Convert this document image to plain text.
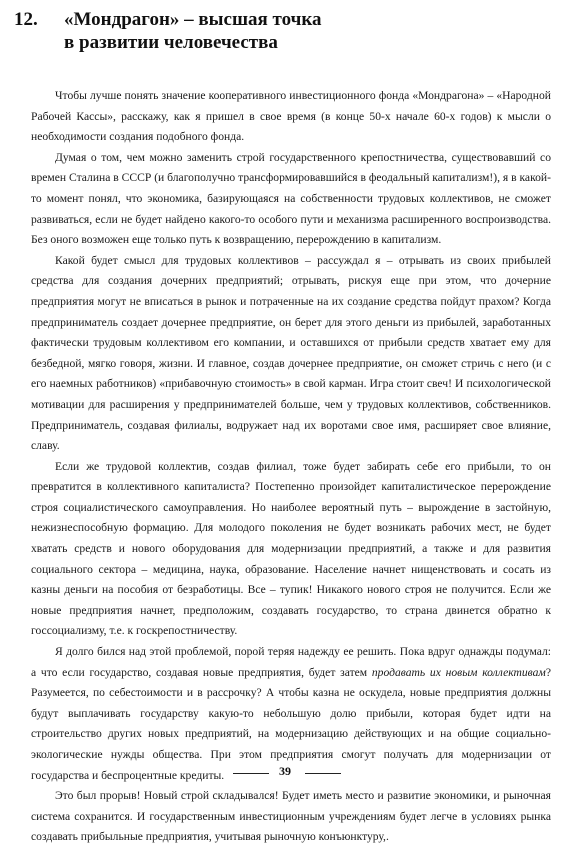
12. «Мондрагон» – высшая точка
в развитии человечества

Чтобы лучше понять значение кооперативного инвестиционного фонда «Мондрагона» – «Народной Рабочей Кассы», расскажу, как я пришел в свое время (в конце 50-х начале 60-х годов) к мысли о необходимости создания подобного фонда.

Думая о том, чем можно заменить строй государственного крепостничества, существовавший со времен Сталина в СССР (и благополучно трансформировавшийся в феодальный капитализм!), я в какой-то момент понял, что экономика, базирующаяся на собственности трудовых коллективов, не сможет развиваться, если не будет найдено какого-то особого пути и механизма расширенного воспроизводства. Без оного возможен еще только путь к возвращению, перерождению в капитализм.

Какой будет смысл для трудовых коллективов – рассуждал я – отрывать из своих прибылей средства для создания дочерних предприятий; отрывать, рискуя еще при этом, что дочерние предприятия могут не вписаться в рынок и потраченные на их создание средства пойдут прахом? Когда предприниматель создает дочернее предприятие, он берет для этого деньги из прибылей, заработанных фактически трудовым коллективом его компании, и оставшихся от прибыли средств хватает ему для безбедной, мягко говоря, жизни. И главное, создав дочернее предприятие, он сможет стричь с него (и с его наемных работников) «прибавочную стоимость» в свой карман. Игра стоит свеч! И психологической мотивации для расширения у предпринимателей больше, чем у трудовых коллективов, собственников. Предприниматель, создавая филиалы, водружает над их воротами свое имя, расширяет свое влияние, славу.

Если же трудовой коллектив, создав филиал, тоже будет забирать себе его прибыли, то он превратится в коллективного капиталиста? Постепенно произойдет капиталистическое перерождение строя социалистического самоуправления. Но наиболее вероятный путь – вырождение в застойную, нежизнеспособную формацию. Для молодого поколения не будет возникать рабочих мест, не будет хватать средств и нового оборудования для модернизации предприятий, а также и для развития социального сектора – медицина, наука, образование. Население начнет нищенствовать и сосать из казны деньги на пособия от безработицы. Все – тупик! Никакого нового строя не получится. Если же новые предприятия начнет, предположим, создавать государство, то страна двинется обратно к госсоциализму, т.е. к госкрепостничеству.

Я долго бился над этой проблемой, порой теряя надежду ее решить. Пока вдруг однажды подумал: а что если государство, создавая новые предприятия, будет затем продавать их новым коллективам? Разумеется, по себестоимости и в рассрочку? А чтобы казна не оскудела, новые предприятия должны будут выплачивать государству какую-то небольшую долю прибыли, которая будет идти на строительство других новых предприятий, на модернизацию действующих и на общие социально-экологические нужды общества. При этом предприятия смогут получать для модернизации от государства и беспроцентные кредиты.

Это был прорыв! Новый строй складывался! Будет иметь место и развитие экономики, и рыночная система сохранится. И государственным инвестиционным учреждениям будет легче в условиях рынка создавать прибыльные предприятия, учитывая рыночную конъюнктуру,.

39
